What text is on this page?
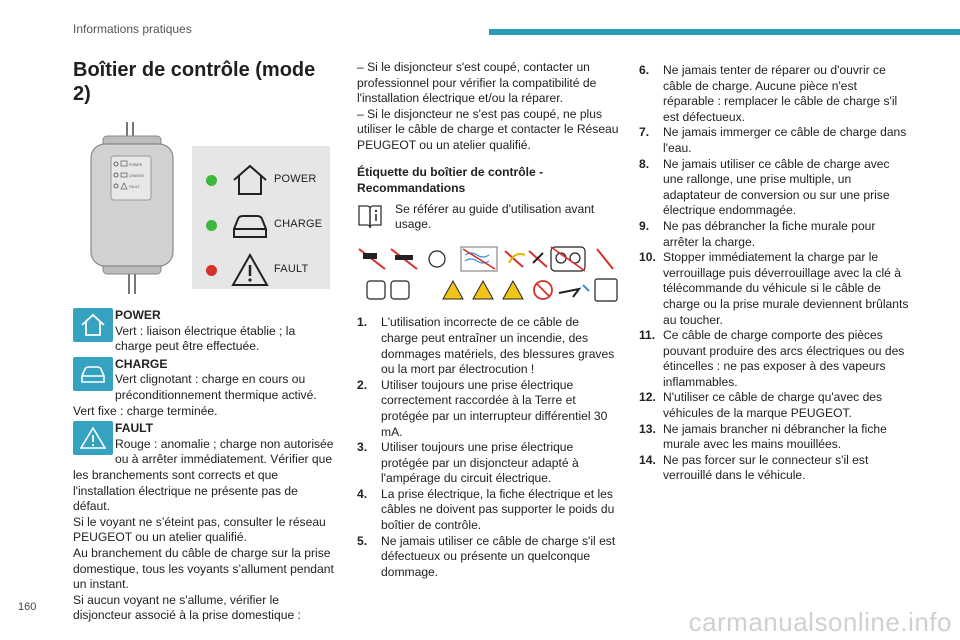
Informations pratiques
Boîtier de contrôle (mode 2)
POWER
CHARGE
FAULT
POWER
CHARGE
FAULT
POWER
Vert : liaison électrique établie ; la charge peut être effectuée.
CHARGE
Vert clignotant : charge en cours ou préconditionnement thermique activé.

Vert fixe : charge terminée.

FAULT
Rouge : anomalie ; charge non autorisée ou à arrêter immédiatement. Vérifier que les branchements sont corrects et que l'installation électrique ne présente pas de défaut.

Si le voyant ne s’éteint pas, consulter le réseau PEUGEOT ou un atelier qualifié.

Au branchement du câble de charge sur la prise domestique, tous les voyants s’allument pendant un instant.

Si aucun voyant ne s'allume, vérifier le disjoncteur associé à la prise domestique :

– Si le disjoncteur s'est coupé, contacter un professionnel pour vérifier la compatibilité de l'installation électrique et/ou la réparer.

– Si le disjoncteur ne s'est pas coupé, ne plus utiliser le câble de charge et contacter le Réseau PEUGEOT ou un atelier qualifié.

Étiquette du boîtier de contrôle - Recommandations
Se référer au guide d'utilisation avant usage.
1.	L'utilisation incorrecte de ce câble de charge peut entraîner un incendie, des dommages matériels, des blessures graves ou la mort par électrocution !
2.	Utiliser toujours une prise électrique correctement raccordée à la Terre et protégée par un interrupteur différentiel 30 mA.
3.	Utiliser toujours une prise électrique protégée par un disjoncteur adapté à l'ampérage du circuit électrique.
4.	La prise électrique, la fiche électrique et les câbles ne doivent pas supporter le poids du boîtier de contrôle.
5.	Ne jamais utiliser ce câble de charge s'il est défectueux ou présente un quelconque dommage.
6.	Ne jamais tenter de réparer ou d'ouvrir ce câble de charge. Aucune pièce n'est réparable : remplacer le câble de charge s'il est défectueux.
7.	Ne jamais immerger ce câble de charge dans l'eau.
8.	Ne jamais utiliser ce câble de charge avec une rallonge, une prise multiple, un adaptateur de conversion ou sur une prise électrique endommagée.
9.	Ne pas débrancher la fiche murale pour arrêter la charge.
10. Stopper immédiatement la charge par le verrouillage puis déverrouillage avec la clé à télécommande du véhicule si le câble de charge ou la prise murale deviennent brûlants au toucher.
11. Ce câble de charge comporte des pièces pouvant produire des arcs électriques ou des étincelles : ne pas exposer à des vapeurs inflammables.
12. N'utiliser ce câble de charge qu'avec des véhicules de la marque PEUGEOT.
13. Ne jamais brancher ni débrancher la fiche murale avec les mains mouillées.
14. Ne pas forcer sur le connecteur s'il est verrouillé dans le véhicule.
160	carmanualsonline.info
